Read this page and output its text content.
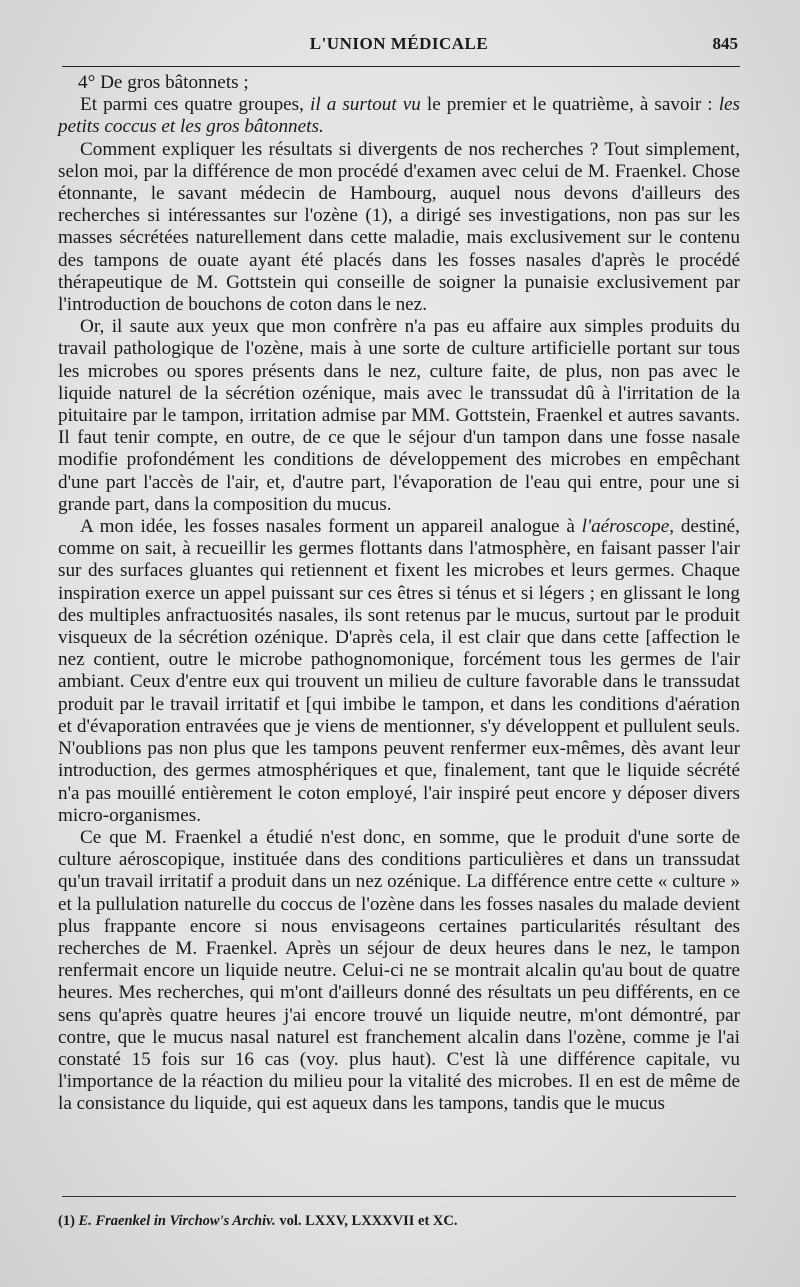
L'UNION MÉDICALE	845

4° De gros bâtonnets ;

Et parmi ces quatre groupes, il a surtout vu le premier et le quatrième, à savoir : les petits coccus et les gros bâtonnets.

Comment expliquer les résultats si divergents de nos recherches ? Tout simplement, selon moi, par la différence de mon procédé d'examen avec celui de M. Fraenkel. Chose étonnante, le savant médecin de Hambourg, auquel nous devons d'ailleurs des recherches si intéressantes sur l'ozène (1), a dirigé ses investigations, non pas sur les masses sécrétées naturellement dans cette maladie, mais exclusivement sur le contenu des tampons de ouate ayant été placés dans les fosses nasales d'après le procédé thérapeutique de M. Gottstein qui conseille de soigner la punaisie exclusivement par l'introduction de bouchons de coton dans le nez.

Or, il saute aux yeux que mon confrère n'a pas eu affaire aux simples produits du travail pathologique de l'ozène, mais à une sorte de culture artificielle portant sur tous les microbes ou spores présents dans le nez, culture faite, de plus, non pas avec le liquide naturel de la sécrétion ozénique, mais avec le transsudat dû à l'irritation de la pituitaire par le tampon, irritation admise par MM. Gottstein, Fraenkel et autres savants. Il faut tenir compte, en outre, de ce que le séjour d'un tampon dans une fosse nasale modifie profondément les conditions de développement des microbes en empêchant d'une part l'accès de l'air, et, d'autre part, l'évaporation de l'eau qui entre, pour une si grande part, dans la composition du mucus.

A mon idée, les fosses nasales forment un appareil analogue à l'aéroscope, destiné, comme on sait, à recueillir les germes flottants dans l'atmosphère, en faisant passer l'air sur des surfaces gluantes qui retiennent et fixent les microbes et leurs germes. Chaque inspiration exerce un appel puissant sur ces êtres si ténus et si légers ; en glissant le long des multiples anfractuosités nasales, ils sont retenus par le mucus, surtout par le produit visqueux de la sécrétion ozénique. D'après cela, il est clair que dans cette [affection le nez contient, outre le microbe pathognomonique, forcément tous les germes de l'air ambiant. Ceux d'entre eux qui trouvent un milieu de culture favorable dans le transsudat produit par le travail irritatif et [qui imbibe le tampon, et dans les conditions d'aération et d'évaporation entravées que je viens de mentionner, s'y développent et pullulent seuls. N'oublions pas non plus que les tampons peuvent renfermer eux-mêmes, dès avant leur introduction, des germes atmosphériques et que, finalement, tant que le liquide sécrété n'a pas mouillé entièrement le coton employé, l'air inspiré peut encore y déposer divers micro-organismes.

Ce que M. Fraenkel a étudié n'est donc, en somme, que le produit d'une sorte de culture aéroscopique, instituée dans des conditions particulières et dans un transsudat qu'un travail irritatif a produit dans un nez ozénique. La différence entre cette « culture » et la pullulation naturelle du coccus de l'ozène dans les fosses nasales du malade devient plus frappante encore si nous envisageons certaines particularités résultant des recherches de M. Fraenkel. Après un séjour de deux heures dans le nez, le tampon renfermait encore un liquide neutre. Celui-ci ne se montrait alcalin qu'au bout de quatre heures. Mes recherches, qui m'ont d'ailleurs donné des résultats un peu différents, en ce sens qu'après quatre heures j'ai encore trouvé un liquide neutre, m'ont démontré, par contre, que le mucus nasal naturel est franchement alcalin dans l'ozène, comme je l'ai constaté 15 fois sur 16 cas (voy. plus haut). C'est là une différence capitale, vu l'importance de la réaction du milieu pour la vitalité des microbes. Il en est de même de la consistance du liquide, qui est aqueux dans les tampons, tandis que le mucus

(1) E. Fraenkel in Virchow's Archiv. vol. LXXV, LXXXVII et XC.
